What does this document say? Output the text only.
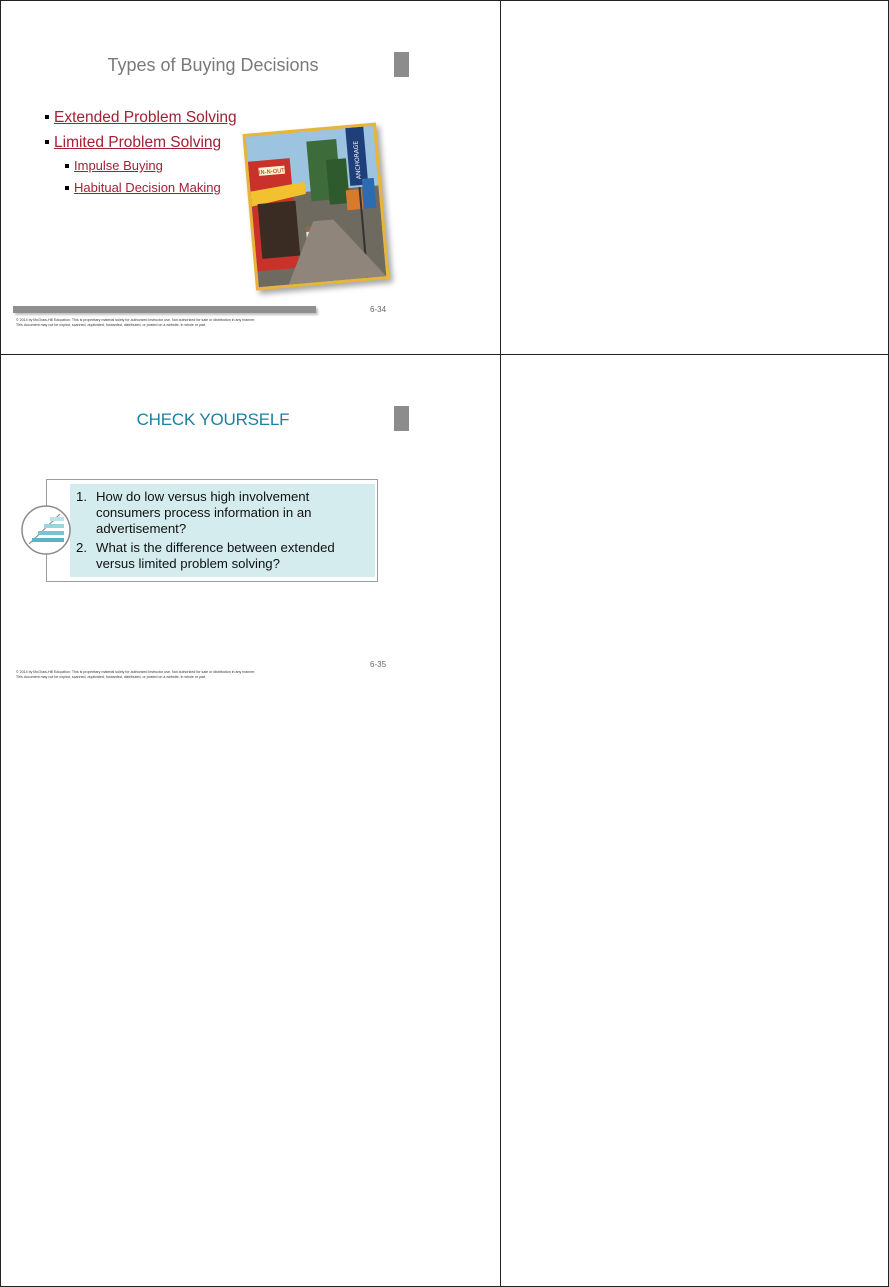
Types of Buying Decisions
Extended Problem Solving
Limited Problem Solving
Impulse Buying
Habitual Decision Making
IN-N-OUT	ANCHORAGE
6-34
© 2014 by McGraw-Hill Education. This is proprietary material solely for authorized instructor use. Not authorized for sale or distribution in any manner.
This document may not be copied, scanned, duplicated, forwarded, distributed, or posted on a website, in whole or part.
CHECK YOURSELF
1. How do low versus high involvement consumers process information in an advertisement?
2. What is the difference between extended versus limited problem solving?
6-35
© 2014 by McGraw-Hill Education. This is proprietary material solely for authorized instructor use. Not authorized for sale or distribution in any manner.
This document may not be copied, scanned, duplicated, forwarded, distributed, or posted on a website, in whole or part.
